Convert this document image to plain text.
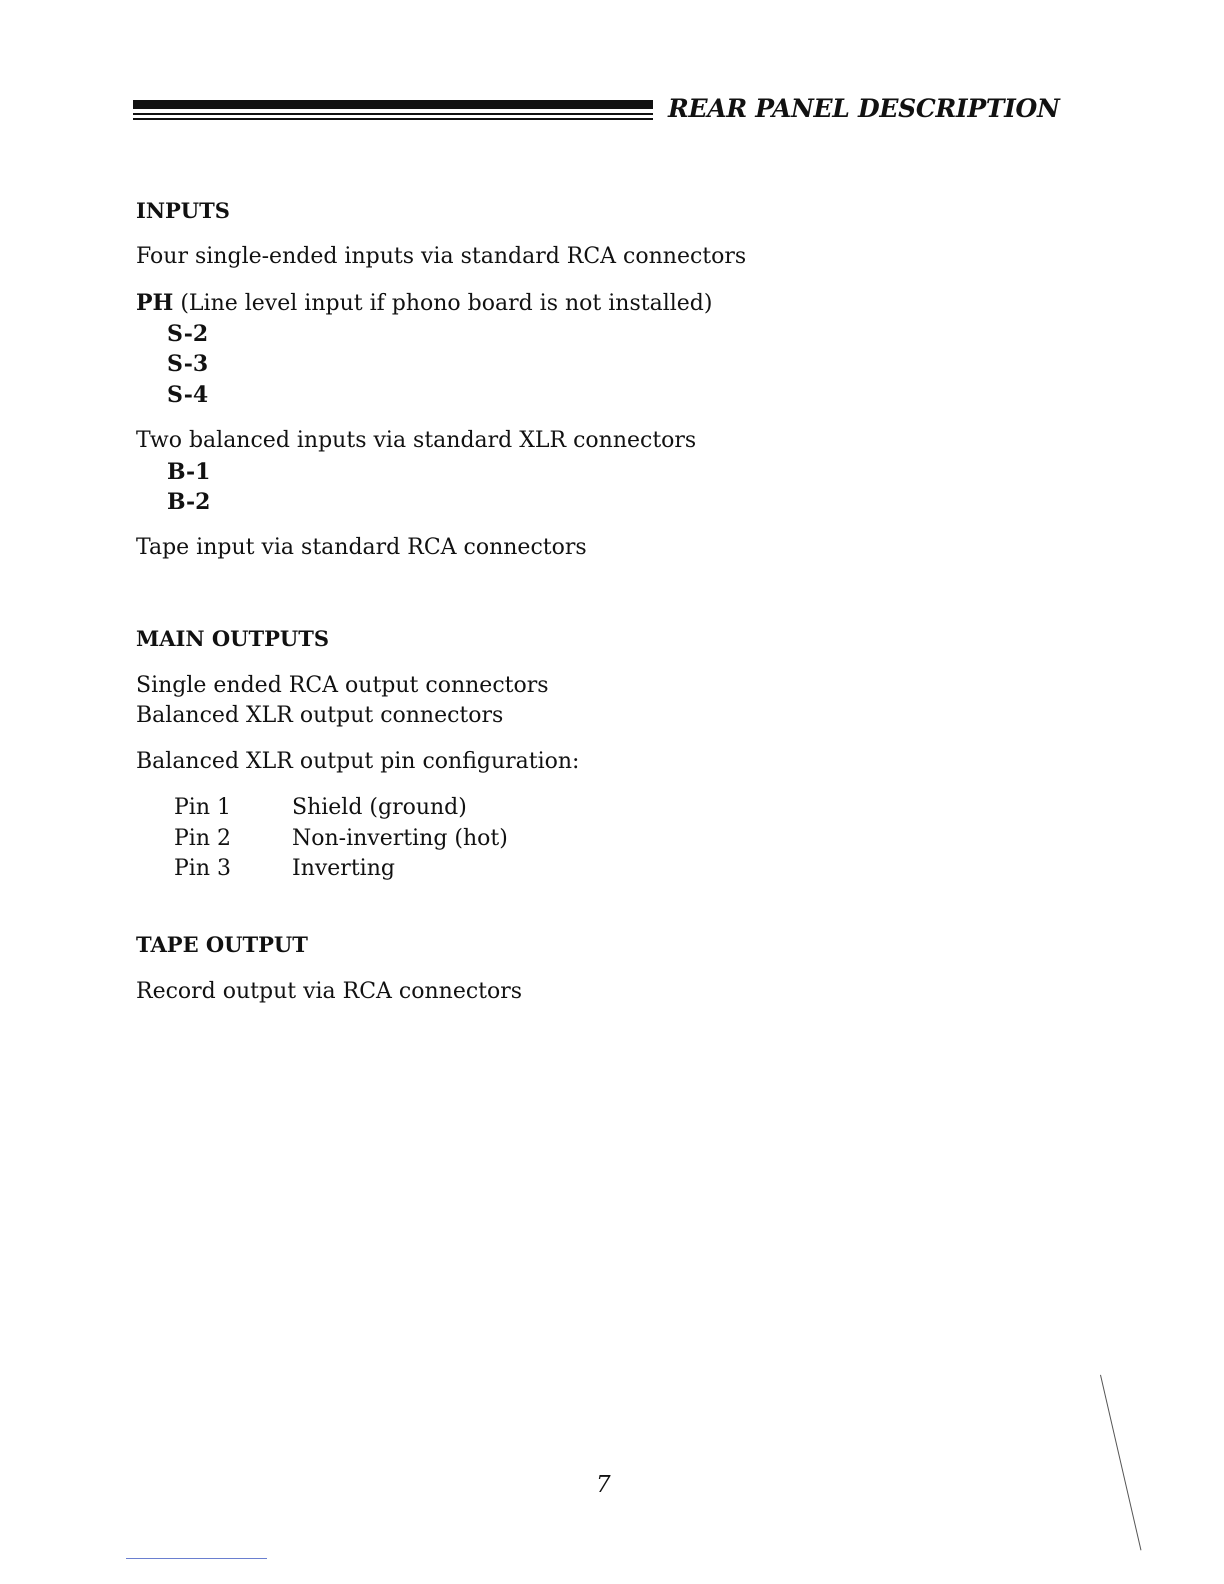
REAR PANEL DESCRIPTION
INPUTS
Four single-ended inputs via standard RCA connectors
PH (Line level input if phono board is not installed)
S-2
S-3
S-4
Two balanced inputs via standard XLR connectors
B-1
B-2
Tape input via standard RCA connectors
MAIN OUTPUTS
Single ended RCA output connectors
Balanced XLR output connectors
Balanced XLR output pin configuration:
Pin 1	Shield (ground)
Pin 2	Non-inverting (hot)
Pin 3	Inverting
TAPE OUTPUT
Record output via RCA connectors
7
